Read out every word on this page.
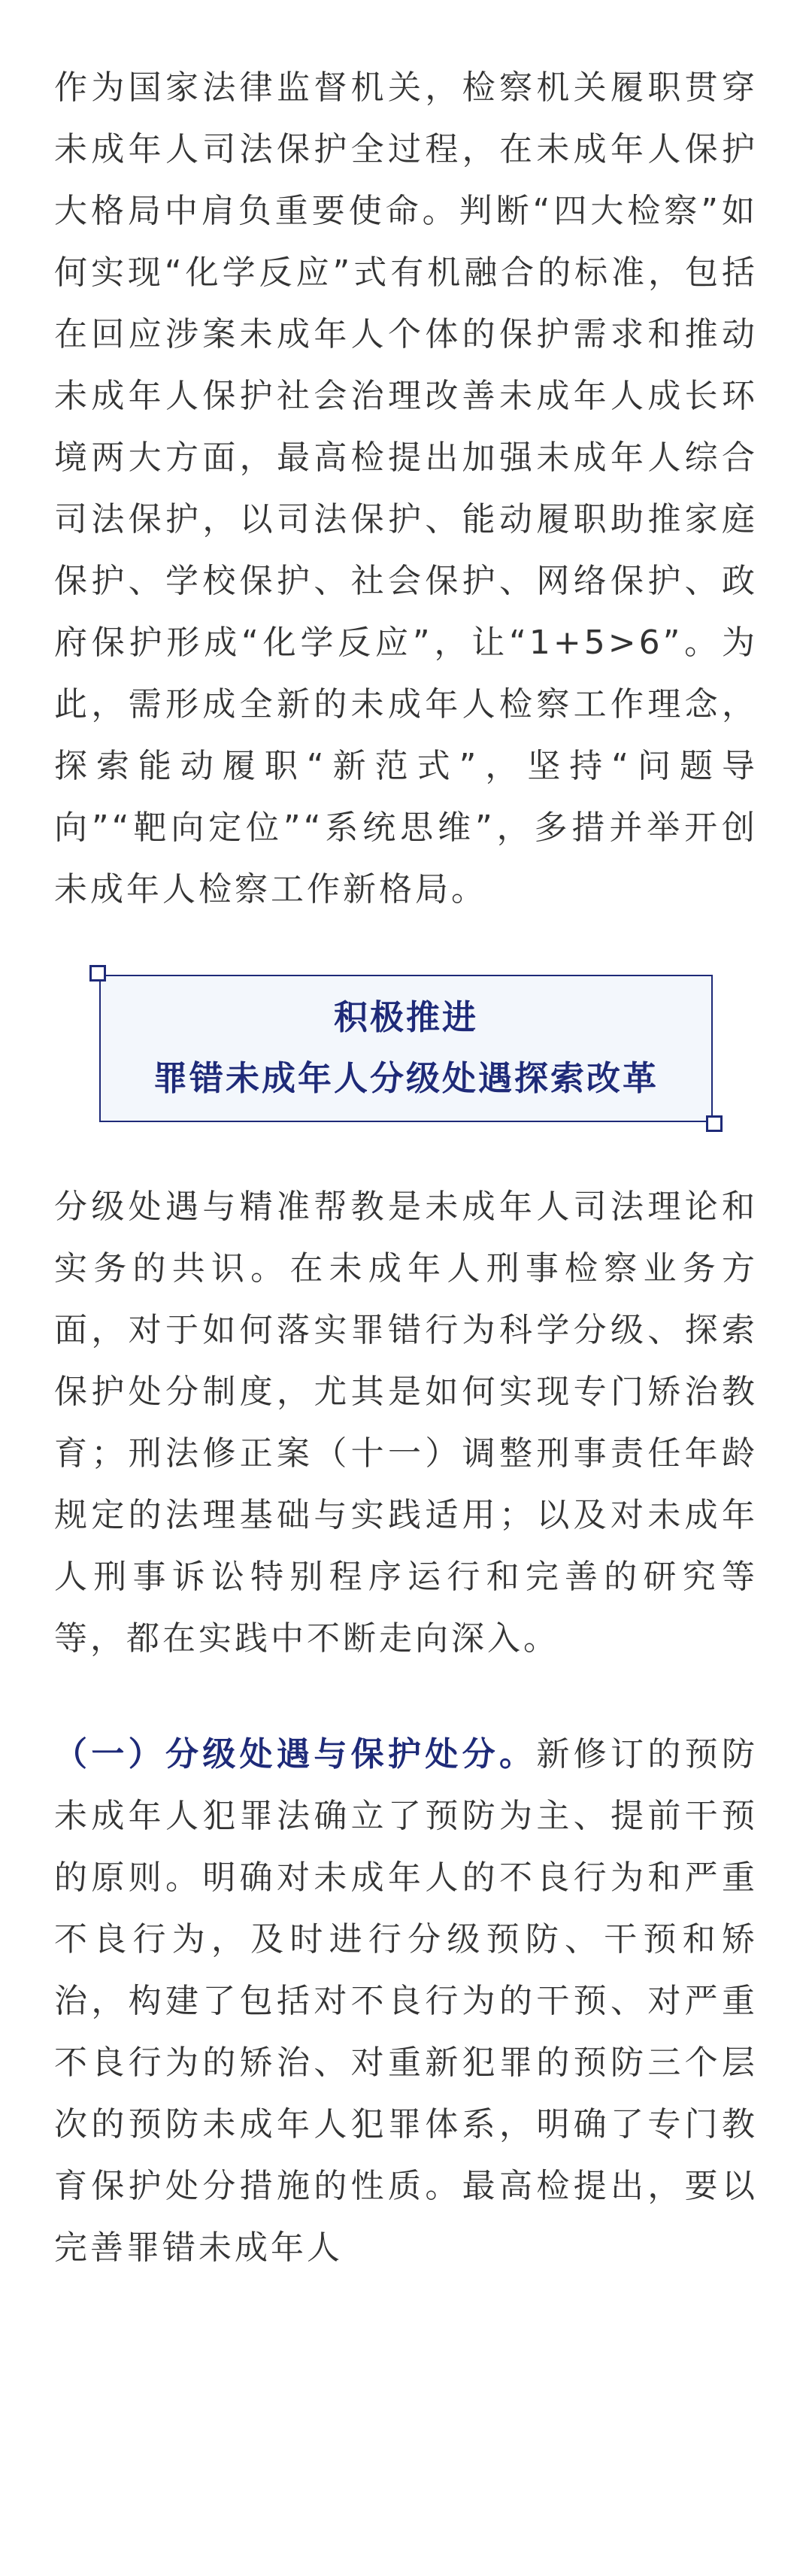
作为国家法律监督机关，检察机关履职贯穿未成年人司法保护全过程，在未成年人保护大格局中肩负重要使命。判断“四大检察”如何实现“化学反应”式有机融合的标准，包括在回应涉案未成年人个体的保护需求和推动未成年人保护社会治理改善未成年人成长环境两大方面，最高检提出加强未成年人综合司法保护，以司法保护、能动履职助推家庭保护、学校保护、社会保护、网络保护、政府保护形成“化学反应”，让“1+5>6”。为此，需形成全新的未成年人检察工作理念，探索能动履职“新范式”，坚持“问题导向”“靶向定位”“系统思维”，多措并举开创未成年人检察工作新格局。

积极推进
罪错未成年人分级处遇探索改革

分级处遇与精准帮教是未成年人司法理论和实务的共识。在未成年人刑事检察业务方面，对于如何落实罪错行为科学分级、探索保护处分制度，尤其是如何实现专门矫治教育；刑法修正案（十一）调整刑事责任年龄规定的法理基础与实践适用；以及对未成年人刑事诉讼特别程序运行和完善的研究等等，都在实践中不断走向深入。

（一）分级处遇与保护处分。新修订的预防未成年人犯罪法确立了预防为主、提前干预的原则。明确对未成年人的不良行为和严重不良行为，及时进行分级预防、干预和矫治，构建了包括对不良行为的干预、对严重不良行为的矫治、对重新犯罪的预防三个层次的预防未成年人犯罪体系，明确了专门教育保护处分措施的性质。最高检提出，要以完善罪错未成年人
